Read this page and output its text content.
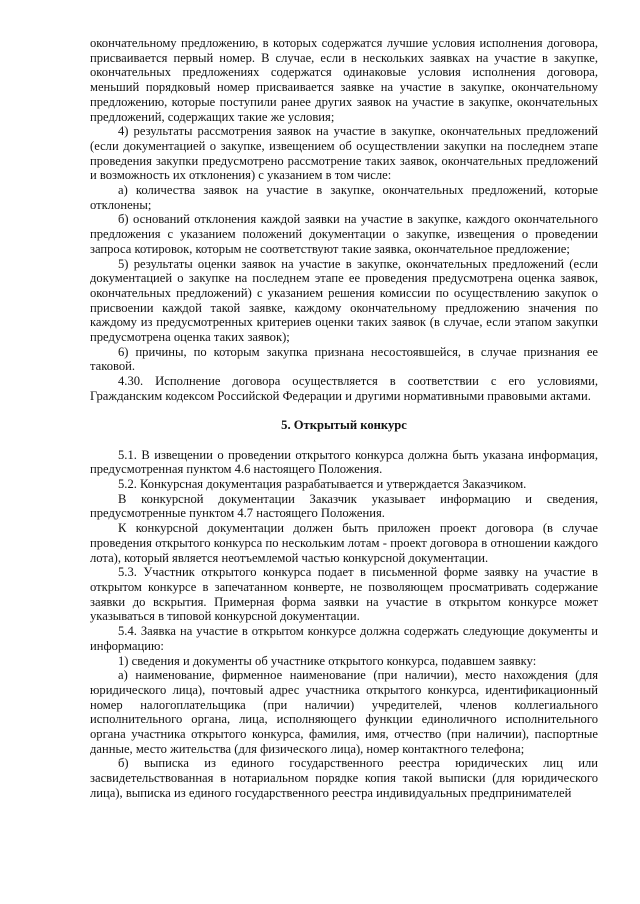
окончательному предложению, в которых содержатся лучшие условия исполнения договора, присваивается первый номер. В случае, если в нескольких заявках на участие в закупке, окончательных предложениях содержатся одинаковые условия исполнения договора, меньший порядковый номер присваивается заявке на участие в закупке, окончательному предложению, которые поступили ранее других заявок на участие в закупке, окончательных предложений, содержащих такие же условия;

4) результаты рассмотрения заявок на участие в закупке, окончательных предложений (если документацией о закупке, извещением об осуществлении закупки на последнем этапе проведения закупки предусмотрено рассмотрение таких заявок, окончательных предложений и возможность их отклонения) с указанием в том числе:

а) количества заявок на участие в закупке, окончательных предложений, которые отклонены;

б) оснований отклонения каждой заявки на участие в закупке, каждого окончательного предложения с указанием положений документации о закупке, извещения о проведении запроса котировок, которым не соответствуют такие заявка, окончательное предложение;

5) результаты оценки заявок на участие в закупке, окончательных предложений (если документацией о закупке на последнем этапе ее проведения предусмотрена оценка заявок, окончательных предложений) с указанием решения комиссии по осуществлению закупок о присвоении каждой такой заявке, каждому окончательному предложению значения по каждому из предусмотренных критериев оценки таких заявок (в случае, если этапом закупки предусмотрена оценка таких заявок);

6) причины, по которым закупка признана несостоявшейся, в случае признания ее таковой.

4.30. Исполнение договора осуществляется в соответствии с его условиями, Гражданским кодексом Российской Федерации и другими нормативными правовыми актами.

5. Открытый конкурс

5.1. В извещении о проведении открытого конкурса должна быть указана информация, предусмотренная пунктом 4.6 настоящего Положения.

5.2. Конкурсная документация разрабатывается и утверждается Заказчиком.

В конкурсной документации Заказчик указывает информацию и сведения, предусмотренные пунктом 4.7 настоящего Положения.

К конкурсной документации должен быть приложен проект договора (в случае проведения открытого конкурса по нескольким лотам - проект договора в отношении каждого лота), который является неотъемлемой частью конкурсной документации.

5.3. Участник открытого конкурса подает в письменной форме заявку на участие в открытом конкурсе в запечатанном конверте, не позволяющем просматривать содержание заявки до вскрытия. Примерная форма заявки на участие в открытом конкурсе может указываться в типовой конкурсной документации.

5.4. Заявка на участие в открытом конкурсе должна содержать следующие документы и информацию:

1) сведения и документы об участнике открытого конкурса, подавшем заявку:

а) наименование, фирменное наименование (при наличии), место нахождения (для юридического лица), почтовый адрес участника открытого конкурса, идентификационный номер налогоплательщика (при наличии) учредителей, членов коллегиального исполнительного органа, лица, исполняющего функции единоличного исполнительного органа участника открытого конкурса, фамилия, имя, отчество (при наличии), паспортные данные, место жительства (для физического лица), номер контактного телефона;

б) выписка из единого государственного реестра юридических лиц или засвидетельствованная в нотариальном порядке копия такой выписки (для юридического лица), выписка из единого государственного реестра индивидуальных предпринимателей
